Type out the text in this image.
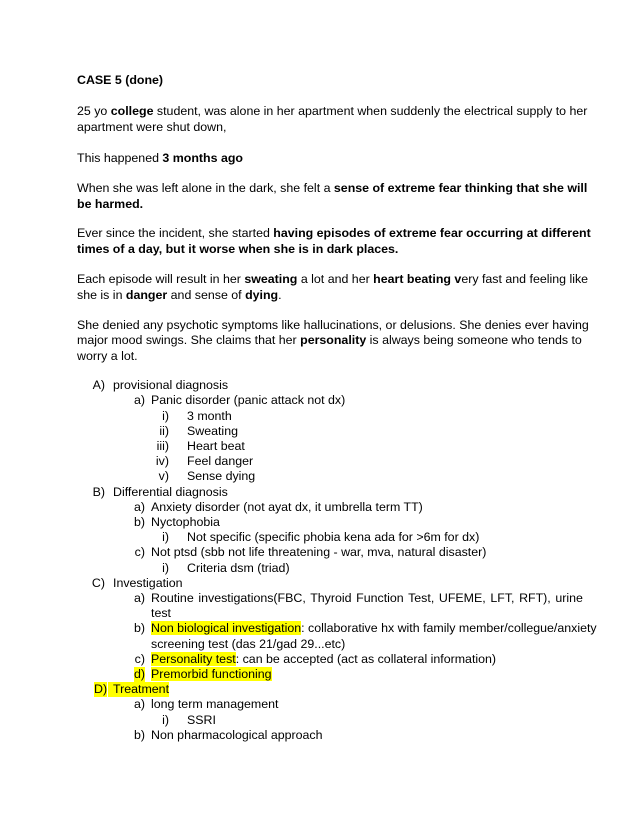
CASE 5 (done)

25 yo college student, was alone in her apartment when suddenly the electrical supply to her

apartment were shut down,

This happened 3 months ago

When she was left alone in the dark, she felt a sense of extreme fear thinking that she will

be harmed.

Ever since the incident, she started having episodes of extreme fear occurring at different

times of a day, but it worse when she is in dark places.

Each episode will result in her sweating a lot and her heart beating very fast and feeling like

she is in danger and sense of dying.

She denied any psychotic symptoms like hallucinations, or delusions. She denies ever having

major mood swings. She claims that her personality is always being someone who tends to

worry a lot.

A) provisional diagnosis
a) Panic disorder (panic attack not dx)
i) 3 month
ii) Sweating
iii) Heart beat
iv) Feel danger
v) Sense dying
B) Differential diagnosis
a) Anxiety disorder (not ayat dx, it umbrella term TT)
b) Nyctophobia
i) Not specific (specific phobia kena ada for >6m for dx)
c) Not ptsd (sbb not life threatening - war, mva, natural disaster)
i) Criteria dsm (triad)
C) Investigation
a) Routine investigations(FBC, Thyroid Function Test, UFEME, LFT, RFT), urine
test
b) Non biological investigation: collaborative hx with family member/collegue/anxiety
screening test (das 21/gad 29...etc)
c) Personality test: can be accepted (act as collateral information)
d) Premorbid functioning
D) Treatment
a) long term management
i) SSRI
b) Non pharmacological approach
